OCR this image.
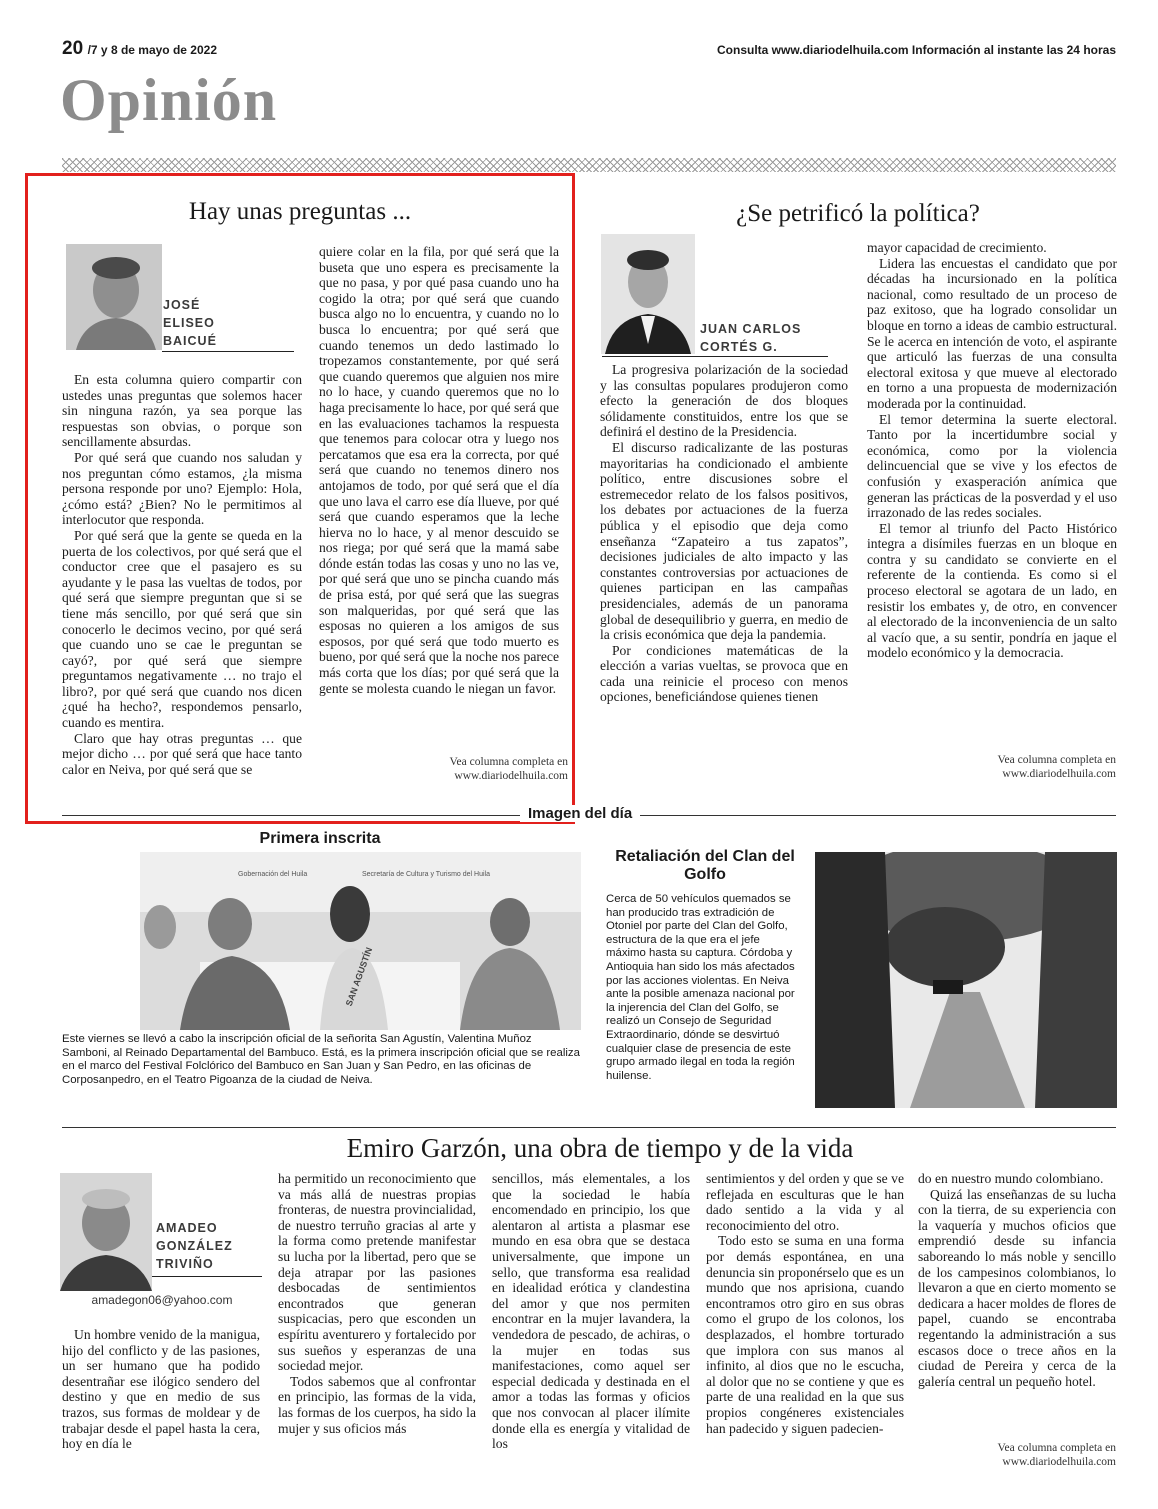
20 /7 y 8 de mayo de 2022	Consulta www.diariodelhuila.com Información al instante las 24 horas
Opinión
Hay unas preguntas ...
JOSÉ
ELISEO
BAICUÉ

En esta columna quiero compartir con ustedes unas preguntas que solemos hacer sin ninguna razón, ya sea porque las respuestas son obvias, o porque son sencillamente absurdas.

Por qué será que cuando nos saludan y nos preguntan cómo estamos, ¿la misma persona responde por uno? Ejemplo: Hola, ¿cómo está? ¿Bien? No le permitimos al interlocutor que responda.

Por qué será que la gente se queda en la puerta de los colectivos, por qué será que el conductor cree que el pasajero es su ayudante y le pasa las vueltas de todos, por qué será que siempre preguntan que si se tiene más sencillo, por qué será que sin conocerlo le decimos vecino, por qué será que cuando uno se cae le preguntan se cayó?, por qué será que siempre preguntamos negativamente … no trajo el libro?, por qué será que cuando nos dicen ¿qué ha hecho?, respondemos pensarlo, cuando es mentira.

Claro que hay otras preguntas … que mejor dicho … por qué será que hace tanto calor en Neiva, por qué será que se

quiere colar en la fila, por qué será que la buseta que uno espera es precisamente la que no pasa, y por qué pasa cuando uno ha cogido la otra; por qué será que cuando busca algo no lo encuentra, y cuando no lo busca lo encuentra; por qué será que cuando tenemos un dedo lastimado lo tropezamos constantemente, por qué será que cuando queremos que alguien nos mire no lo hace, y cuando queremos que no lo haga precisamente lo hace, por qué será que en las evaluaciones tachamos la respuesta que tenemos para colocar otra y luego nos percatamos que esa era la correcta, por qué será que cuando no tenemos dinero nos antojamos de todo, por qué será que el día que uno lava el carro ese día llueve, por qué será que cuando esperamos que la leche hierva no lo hace, y al menor descuido se nos riega; por qué será que la mamá sabe dónde están todas las cosas y uno no las ve, por qué será que uno se pincha cuando más de prisa está, por qué será que las suegras son malqueridas, por qué será que las esposas no quieren a los amigos de sus esposos, por qué será que todo muerto es bueno, por qué será que la noche nos parece más corta que los días; por qué será que la gente se molesta cuando le niegan un favor.

Vea columna completa en
www.diariodelhuila.com
¿Se petrificó la política?
JUAN CARLOS
CORTÉS G.

La progresiva polarización de la sociedad y las consultas populares produjeron como efecto la generación de dos bloques sólidamente constituidos, entre los que se definirá el destino de la Presidencia.

El discurso radicalizante de las posturas mayoritarias ha condicionado el ambiente político, entre discusiones sobre el estremecedor relato de los falsos positivos, los debates por actuaciones de la fuerza pública y el episodio que deja como enseñanza “Zapateiro a tus zapatos”, decisiones judiciales de alto impacto y las constantes controversias por actuaciones de quienes participan en las campañas presidenciales, además de un panorama global de desequilibrio y guerra, en medio de la crisis económica que deja la pandemia.

Por condiciones matemáticas de la elección a varias vueltas, se provoca que en cada una reinicie el proceso con menos opciones, beneficiándose quienes tienen

mayor capacidad de crecimiento.

Lidera las encuestas el candidato que por décadas ha incursionado en la política nacional, como resultado de un proceso de paz exitoso, que ha logrado consolidar un bloque en torno a ideas de cambio estructural. Se le acerca en intención de voto, el aspirante que articuló las fuerzas de una consulta electoral exitosa y que mueve al electorado en torno a una propuesta de modernización moderada por la continuidad.

El temor determina la suerte electoral. Tanto por la incertidumbre social y económica, como por la violencia delincuencial que se vive y los efectos de confusión y exasperación anímica que generan las prácticas de la posverdad y el uso irrazonado de las redes sociales.

El temor al triunfo del Pacto Histórico integra a disímiles fuerzas en un bloque en contra y su candidato se convierte en el referente de la contienda. Es como si el proceso electoral se agotara de un lado, en resistir los embates y, de otro, en convencer al electorado de la inconveniencia de un salto al vacío que, a su sentir, pondría en jaque el modelo económico y la democracia.

Vea columna completa en
www.diariodelhuila.com
Imagen del día
Primera inscrita
Gobernación del Huila	Secretaría de Cultura y Turismo del Huila
SAN AGUSTÍN
Este viernes se llevó a cabo la inscripción oficial de la señorita San Agustín, Valentina Muñoz Samboni, al Reinado Departamental del Bambuco. Está, es la primera inscripción oficial que se realiza en el marco del Festival Folclórico del Bambuco en San Juan y San Pedro, en las oficinas de Corposanpedro, en el Teatro Pigoanza de la ciudad de Neiva.
Retaliación del Clan del Golfo
Cerca de 50 vehículos quemados se han producido tras extradición de Otoniel por parte del Clan del Golfo, estructura de la que era el jefe máximo hasta su captura. Córdoba y Antioquia han sido los más afectados por las acciones violentas. En Neiva ante la posible amenaza nacional por la injerencia del Clan del Golfo, se realizó un Consejo de Seguridad Extraordinario, dónde se desvirtuó cualquier clase de presencia de este grupo armado ilegal en toda la región huilense.
Emiro Garzón, una obra de tiempo y de la vida
AMADEO
GONZÁLEZ
TRIVIÑO
amadegon06@yahoo.com

Un hombre venido de la manigua, hijo del conflicto y de las pasiones, un ser humano que ha podido desentrañar ese ilógico sendero del destino y que en medio de sus trazos, sus formas de moldear y de trabajar desde el papel hasta la cera, hoy en día le

ha permitido un reconocimiento que va más allá de nuestras propias fronteras, de nuestra provincialidad, de nuestro terruño gracias al arte y la forma como pretende manifestar su lucha por la libertad, pero que se deja atrapar por las pasiones desbocadas de sentimientos encontrados que generan suspicacias, pero que esconden un espíritu aventurero y fortalecido por sus sueños y esperanzas de una sociedad mejor.

Todos sabemos que al confrontar en principio, las formas de la vida, las formas de los cuerpos, ha sido la mujer y sus oficios más

sencillos, más elementales, a los que la sociedad le había encomendado en principio, los que alentaron al artista a plasmar ese mundo en esa obra que se destaca universalmente, que impone un sello, que transforma esa realidad en idealidad erótica y clandestina del amor y que nos permiten encontrar en la mujer lavandera, la vendedora de pescado, de achiras, o la mujer en todas sus manifestaciones, como aquel ser especial dedicada y destinada en el amor a todas las formas y oficios que nos convocan al placer ilímite donde ella es energía y vitalidad de los

sentimientos y del orden y que se ve reflejada en esculturas que le han dado sentido a la vida y al reconocimiento del otro.

Todo esto se suma en una forma por demás espontánea, en una denuncia sin proponérselo que es un mundo que nos aprisiona, cuando encontramos otro giro en sus obras como el grupo de los colonos, los desplazados, el hombre torturado que implora con sus manos al infinito, al dios que no le escucha, al dolor que no se contiene y que es parte de una realidad en la que sus propios congéneres existenciales han padecido y siguen padecien-

do en nuestro mundo colombiano.

Quizá las enseñanzas de su lucha con la tierra, de su experiencia con la vaquería y muchos oficios que emprendió desde su infancia saboreando lo más noble y sencillo de los campesinos colombianos, lo llevaron a que en cierto momento se dedicara a hacer moldes de flores de papel, cuando se encontraba regentando la administración a sus escasos doce o trece años en la ciudad de Pereira y cerca de la galería central un pequeño hotel.

Vea columna completa en
www.diariodelhuila.com
